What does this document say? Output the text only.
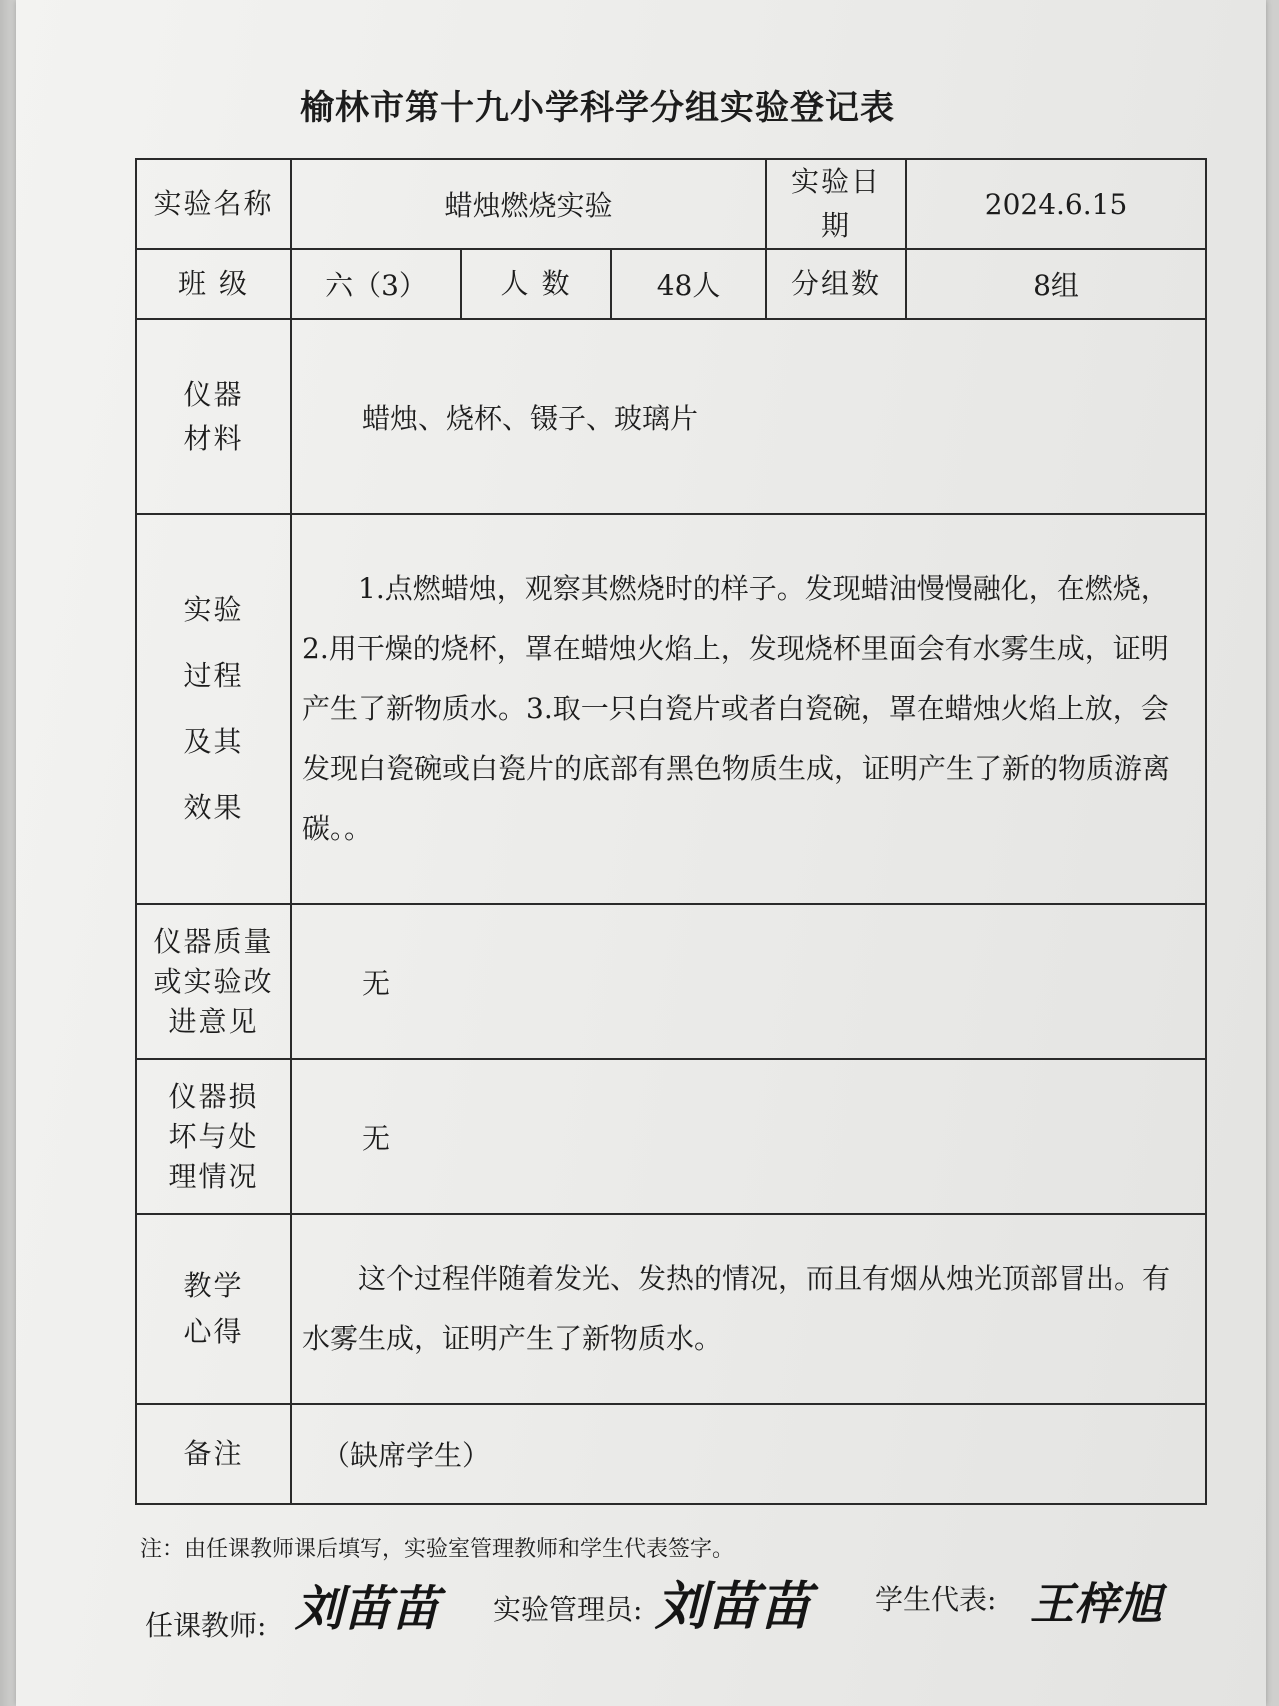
榆林市第十九小学科学分组实验登记表
实验名称	蜡烛燃烧实验			实验日期	2024.6.15
班 级	六（3）	人 数	48人	分组数	8组
仪器材料	蜡烛、烧杯、镊子、玻璃片				
实验过程及其效果	1.点燃蜡烛，观察其燃烧时的样子。发现蜡油慢慢融化，在燃烧，2.用干燥的烧杯，罩在蜡烛火焰上，发现烧杯里面会有水雾生成，证明产生了新物质水。3.取一只白瓷片或者白瓷碗，罩在蜡烛火焰上放，会发现白瓷碗或白瓷片的底部有黑色物质生成，证明产生了新的物质游离碳。。				
仪器质量或实验改进意见	无				
仪器损坏与处理情况	无				
教学心得	这个过程伴随着发光、发热的情况，而且有烟从烛光顶部冒出。有水雾生成，证明产生了新物质水。				
备注	（缺席学生）				
注：由任课教师课后填写，实验室管理教师和学生代表签字。
任课教师: 刘苗苗 实验管理员: 刘苗苗 学生代表: 王梓旭
